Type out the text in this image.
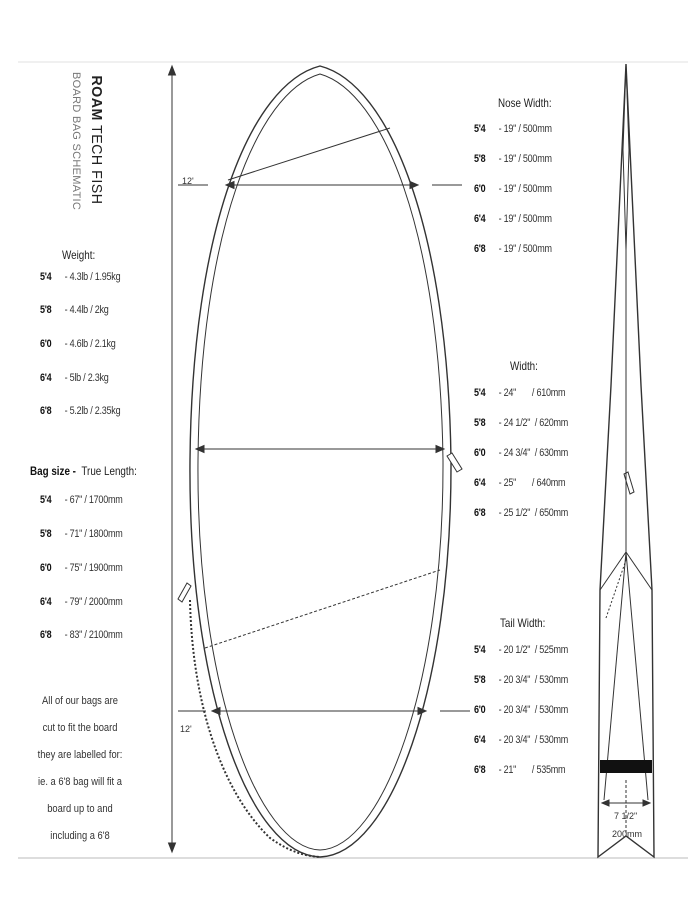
ROAM TECH FISH
BOARD BAG SCHEMATIC	12'
12'
Weight:
5'4 - 4.3lb / 1.95kg
5'8 - 4.4lb / 2kg
6'0 - 4.6lb / 2.1kg
6'4 - 5lb / 2.3kg
6'8 - 5.2lb / 2.35kg
Bag size - True Length:
5'4 - 67" / 1700mm
5'8 - 71" / 1800mm
6'0 - 75" / 1900mm
6'4 - 79" / 2000mm
6'8 - 83" / 2100mm
All of our bags are
cut to fit the board
they are labelled for:
ie. a 6'8 bag will fit a
board up to and
including a 6'8
Nose Width:
5'4 - 19" / 500mm
5'8 - 19" / 500mm
6'0 - 19" / 500mm
6'4 - 19" / 500mm
6'8 - 19" / 500mm
Width:
5'4 - 24"       / 610mm
5'8 - 24 1/2"  / 620mm
6'0 - 24 3/4"  / 630mm
6'4 - 25"       / 640mm
6'8 - 25 1/2"  / 650mm
Tail Width:
5'4 - 20 1/2"  / 525mm
5'8 - 20 3/4"  / 530mm
6'0 - 20 3/4"  / 530mm
6'4 - 20 3/4"  / 530mm
6'8 - 21"       / 535mm
7 1/2"
200mm
